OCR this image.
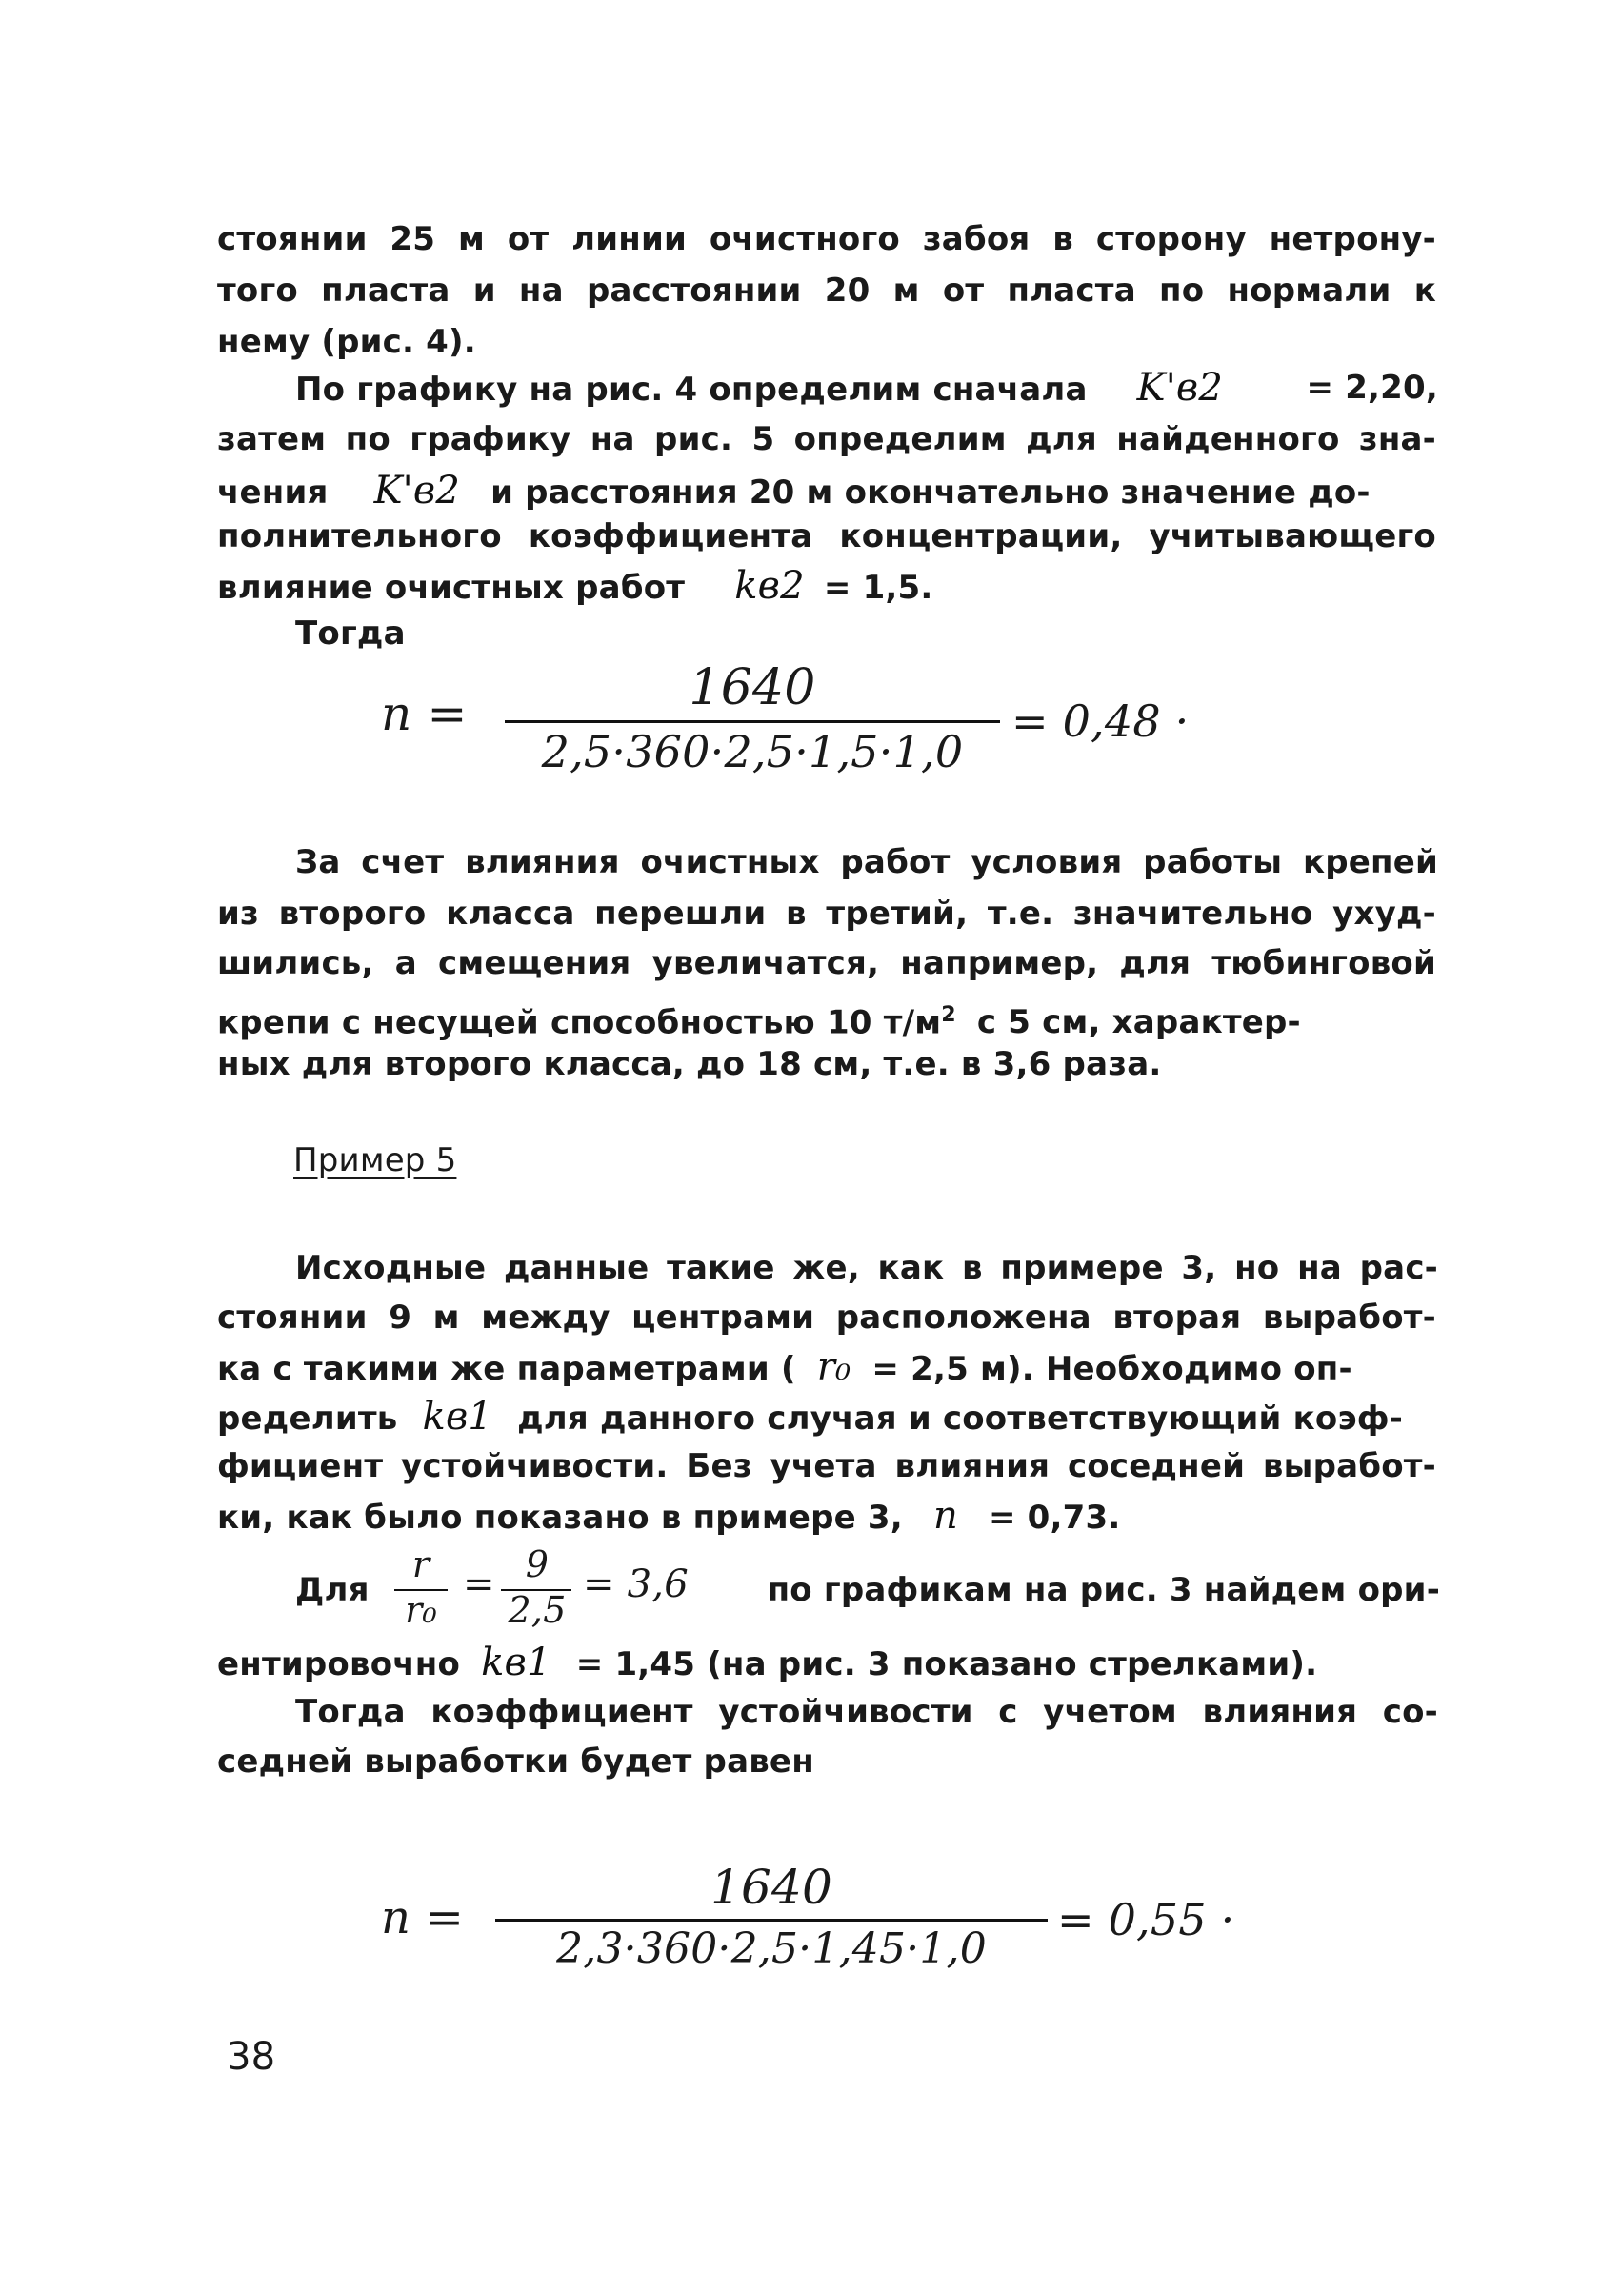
стоянии 25 м от линии очистного забоя в сторону нетрону-
того пласта и на расстоянии 20 м от пласта по нормали к
нему (рис. 4).
По графику на рис. 4 определим сначала K'в2	= 2,20,
затем по графику на рис. 5 определим для найденного зна-
чения K'в2 и расстояния 20 м окончательно значение до-
полнительного коэффициента концентрации, учитывающего
влияние очистных работ kв2 = 1,5.
Тогда
n =	1640
2,5·360·2,5·1,5·1,0
= 0,48 ·
За счет влияния очистных работ условия работы крепей
из второго класса перешли в третий, т.е. значительно ухуд-
шились, а смещения увеличатся, например, для тюбинговой
крепи с несущей способностью 10 $т/м^2$ с 5 см, характер-
ных для второго класса, до 18 см, т.е. в 3,6 раза.
Пример 5
Исходные данные такие же, как в примере 3, но на рас-
стоянии 9 м между центрами расположена вторая выработ-
ка с такими же параметрами ( r₀ = 2,5 м). Необходимо оп-
ределить kв1 для данного случая и соответствующий коэф-
фициент устойчивости. Без учета влияния соседней выработ-
ки, как было показано в примере 3, n = 0,73.
Для
r
r₀
= 9
2,5
= 3,6	по графикам на рис. 3 найдем ори-
ентировочно kв1 = 1,45 (на рис. 3 показано стрелками).
Тогда коэффициент устойчивости с учетом влияния со-
седней выработки будет равен
n =
1640
2,3·360·2,5·1,45·1,0
= 0,55 ·
38
